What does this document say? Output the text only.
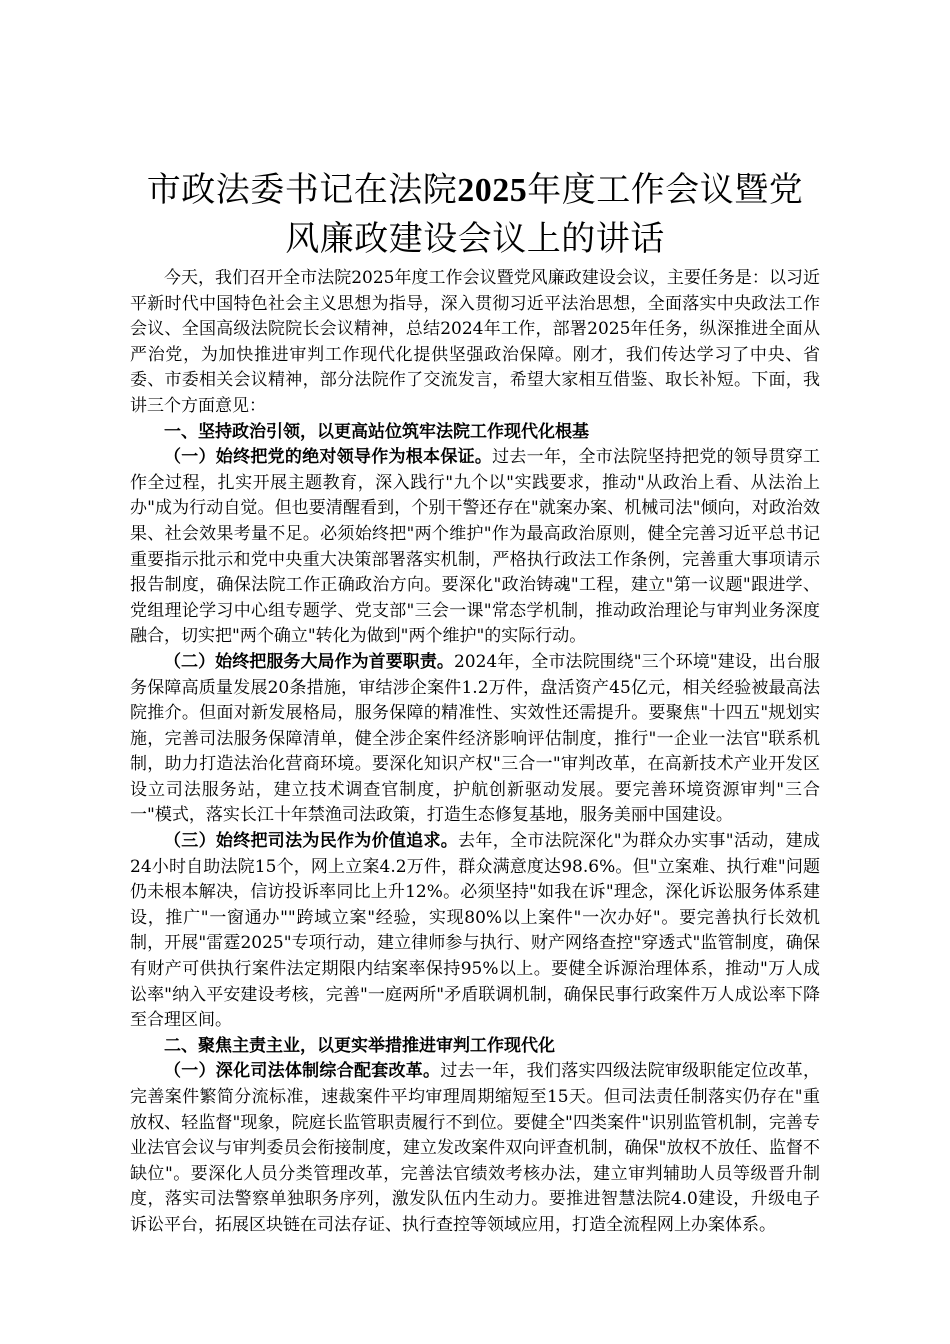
市政法委书记在法院2025年度工作会议暨党
风廉政建设会议上的讲话

今天，我们召开全市法院2025年度工作会议暨党风廉政建设会议，主要任务是：以习近平新时代中国特色社会主义思想为指导，深入贯彻习近平法治思想，全面落实中央政法工作会议、全国高级法院院长会议精神，总结2024年工作，部署2025年任务，纵深推进全面从严治党，为加快推进审判工作现代化提供坚强政治保障。刚才，我们传达学习了中央、省委、市委相关会议精神，部分法院作了交流发言，希望大家相互借鉴、取长补短。下面，我讲三个方面意见：

一、坚持政治引领，以更高站位筑牢法院工作现代化根基

（一）始终把党的绝对领导作为根本保证。过去一年，全市法院坚持把党的领导贯穿工作全过程，扎实开展主题教育，深入践行"九个以"实践要求，推动"从政治上看、从法治上办"成为行动自觉。但也要清醒看到，个别干警还存在"就案办案、机械司法"倾向，对政治效果、社会效果考量不足。必须始终把"两个维护"作为最高政治原则，健全完善习近平总书记重要指示批示和党中央重大决策部署落实机制，严格执行政法工作条例，完善重大事项请示报告制度，确保法院工作正确政治方向。要深化"政治铸魂"工程，建立"第一议题"跟进学、党组理论学习中心组专题学、党支部"三会一课"常态学机制，推动政治理论与审判业务深度融合，切实把"两个确立"转化为做到"两个维护"的实际行动。

（二）始终把服务大局作为首要职责。2024年，全市法院围绕"三个环境"建设，出台服务保障高质量发展20条措施，审结涉企案件1.2万件，盘活资产45亿元，相关经验被最高法院推介。但面对新发展格局，服务保障的精准性、实效性还需提升。要聚焦"十四五"规划实施，完善司法服务保障清单，健全涉企案件经济影响评估制度，推行"一企业一法官"联系机制，助力打造法治化营商环境。要深化知识产权"三合一"审判改革，在高新技术产业开发区设立司法服务站，建立技术调查官制度，护航创新驱动发展。要完善环境资源审判"三合一"模式，落实长江十年禁渔司法政策，打造生态修复基地，服务美丽中国建设。

（三）始终把司法为民作为价值追求。去年，全市法院深化"为群众办实事"活动，建成24小时自助法院15个，网上立案4.2万件，群众满意度达98.6%。但"立案难、执行难"问题仍未根本解决，信访投诉率同比上升12%。必须坚持"如我在诉"理念，深化诉讼服务体系建设，推广"一窗通办""跨域立案"经验，实现80%以上案件"一次办好"。要完善执行长效机制，开展"雷霆2025"专项行动，建立律师参与执行、财产网络查控"穿透式"监管制度，确保有财产可供执行案件法定期限内结案率保持95%以上。要健全诉源治理体系，推动"万人成讼率"纳入平安建设考核，完善"一庭两所"矛盾联调机制，确保民事行政案件万人成讼率下降至合理区间。

二、聚焦主责主业，以更实举措推进审判工作现代化

（一）深化司法体制综合配套改革。过去一年，我们落实四级法院审级职能定位改革，完善案件繁简分流标准，速裁案件平均审理周期缩短至15天。但司法责任制落实仍存在"重放权、轻监督"现象，院庭长监管职责履行不到位。要健全"四类案件"识别监管机制，完善专业法官会议与审判委员会衔接制度，建立发改案件双向评查机制，确保"放权不放任、监督不缺位"。要深化人员分类管理改革，完善法官绩效考核办法，建立审判辅助人员等级晋升制度，落实司法警察单独职务序列，激发队伍内生动力。要推进智慧法院4.0建设，升级电子诉讼平台，拓展区块链在司法存证、执行查控等领域应用，打造全流程网上办案体系。
